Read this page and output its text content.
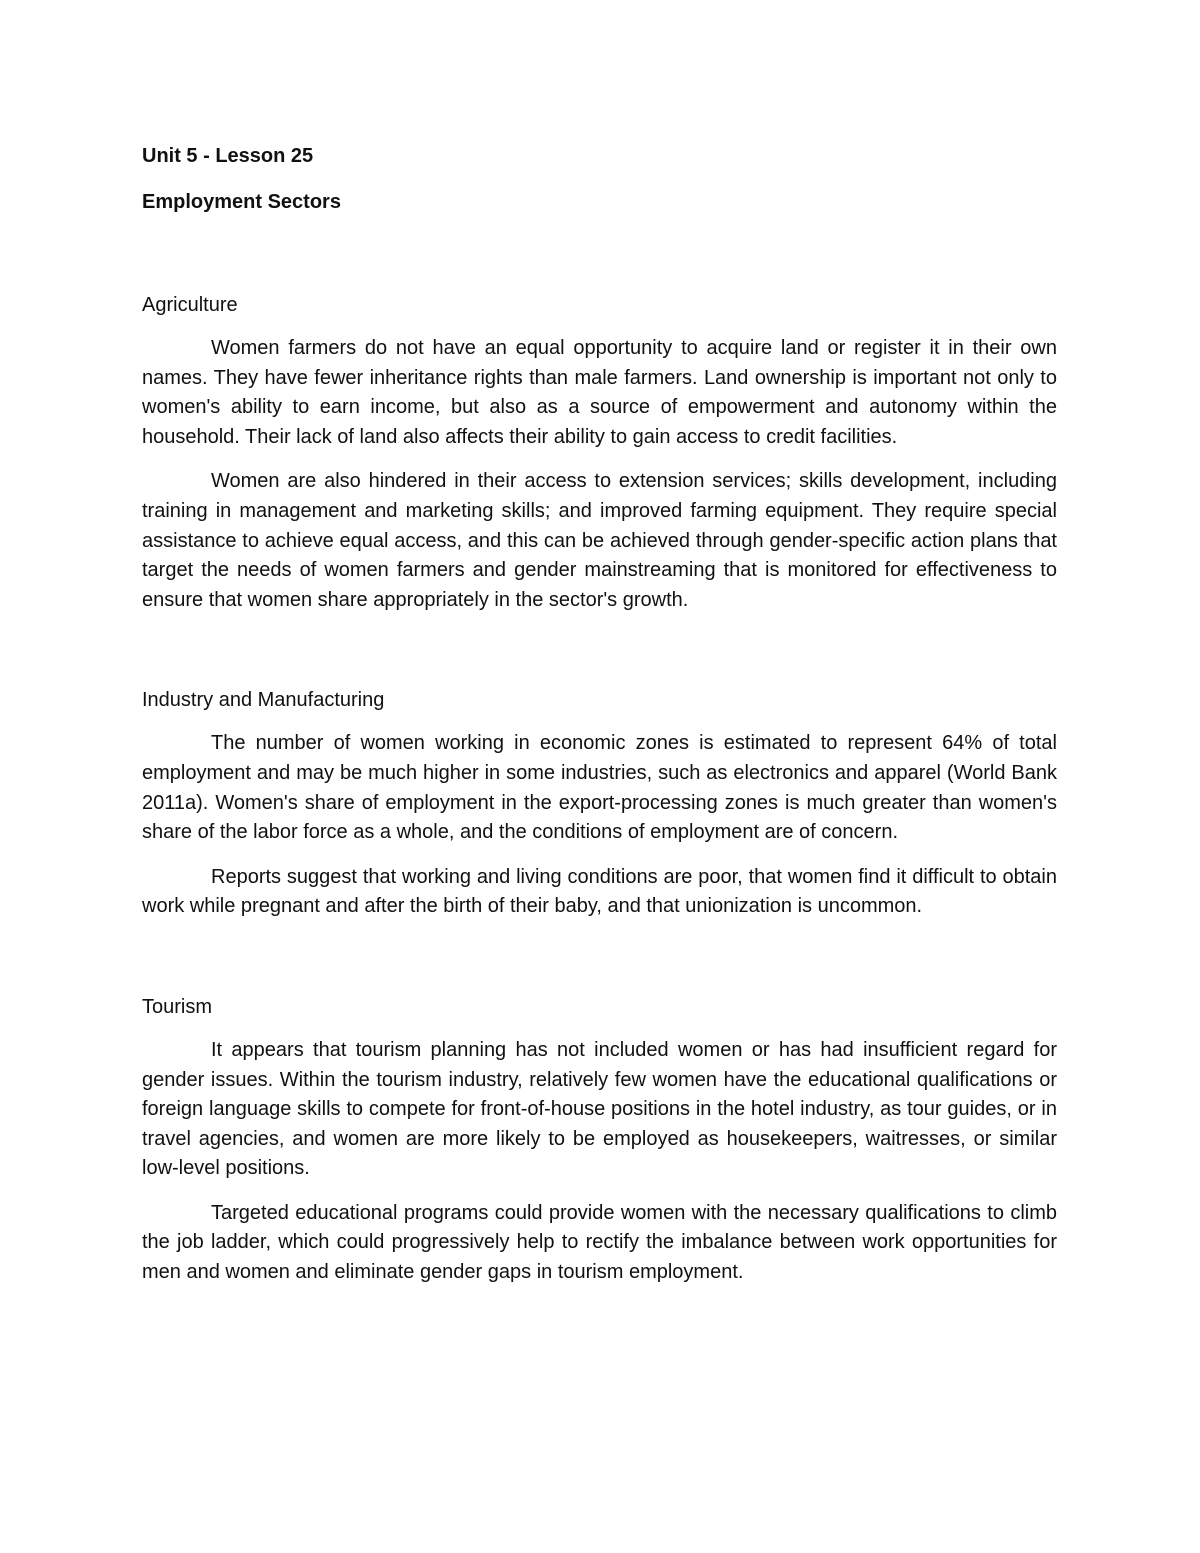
Unit 5 - Lesson 25

Employment Sectors

Agriculture

Women farmers do not have an equal opportunity to acquire land or register it in their own names. They have fewer inheritance rights than male farmers. Land ownership is important not only to women's ability to earn income, but also as a source of empowerment and autonomy within the household. Their lack of land also affects their ability to gain access to credit facilities.

Women are also hindered in their access to extension services; skills development, including training in management and marketing skills; and improved farming equipment. They require special assistance to achieve equal access, and this can be achieved through gender-specific action plans that target the needs of women farmers and gender mainstreaming that is monitored for effectiveness to ensure that women share appropriately in the sector's growth.

Industry and Manufacturing

The number of women working in economic zones is estimated to represent 64% of total employment and may be much higher in some industries, such as electronics and apparel (World Bank 2011a). Women's share of employment in the export-processing zones is much greater than women's share of the labor force as a whole, and the conditions of employment are of concern.

Reports suggest that working and living conditions are poor, that women find it difficult to obtain work while pregnant and after the birth of their baby, and that unionization is uncommon.

Tourism

It appears that tourism planning has not included women or has had insufficient regard for gender issues. Within the tourism industry, relatively few women have the educational qualifications or foreign language skills to compete for front-of-house positions in the hotel industry, as tour guides, or in travel agencies, and women are more likely to be employed as housekeepers, waitresses, or similar low-level positions.

Targeted educational programs could provide women with the necessary qualifications to climb the job ladder, which could progressively help to rectify the imbalance between work opportunities for men and women and eliminate gender gaps in tourism employment.
